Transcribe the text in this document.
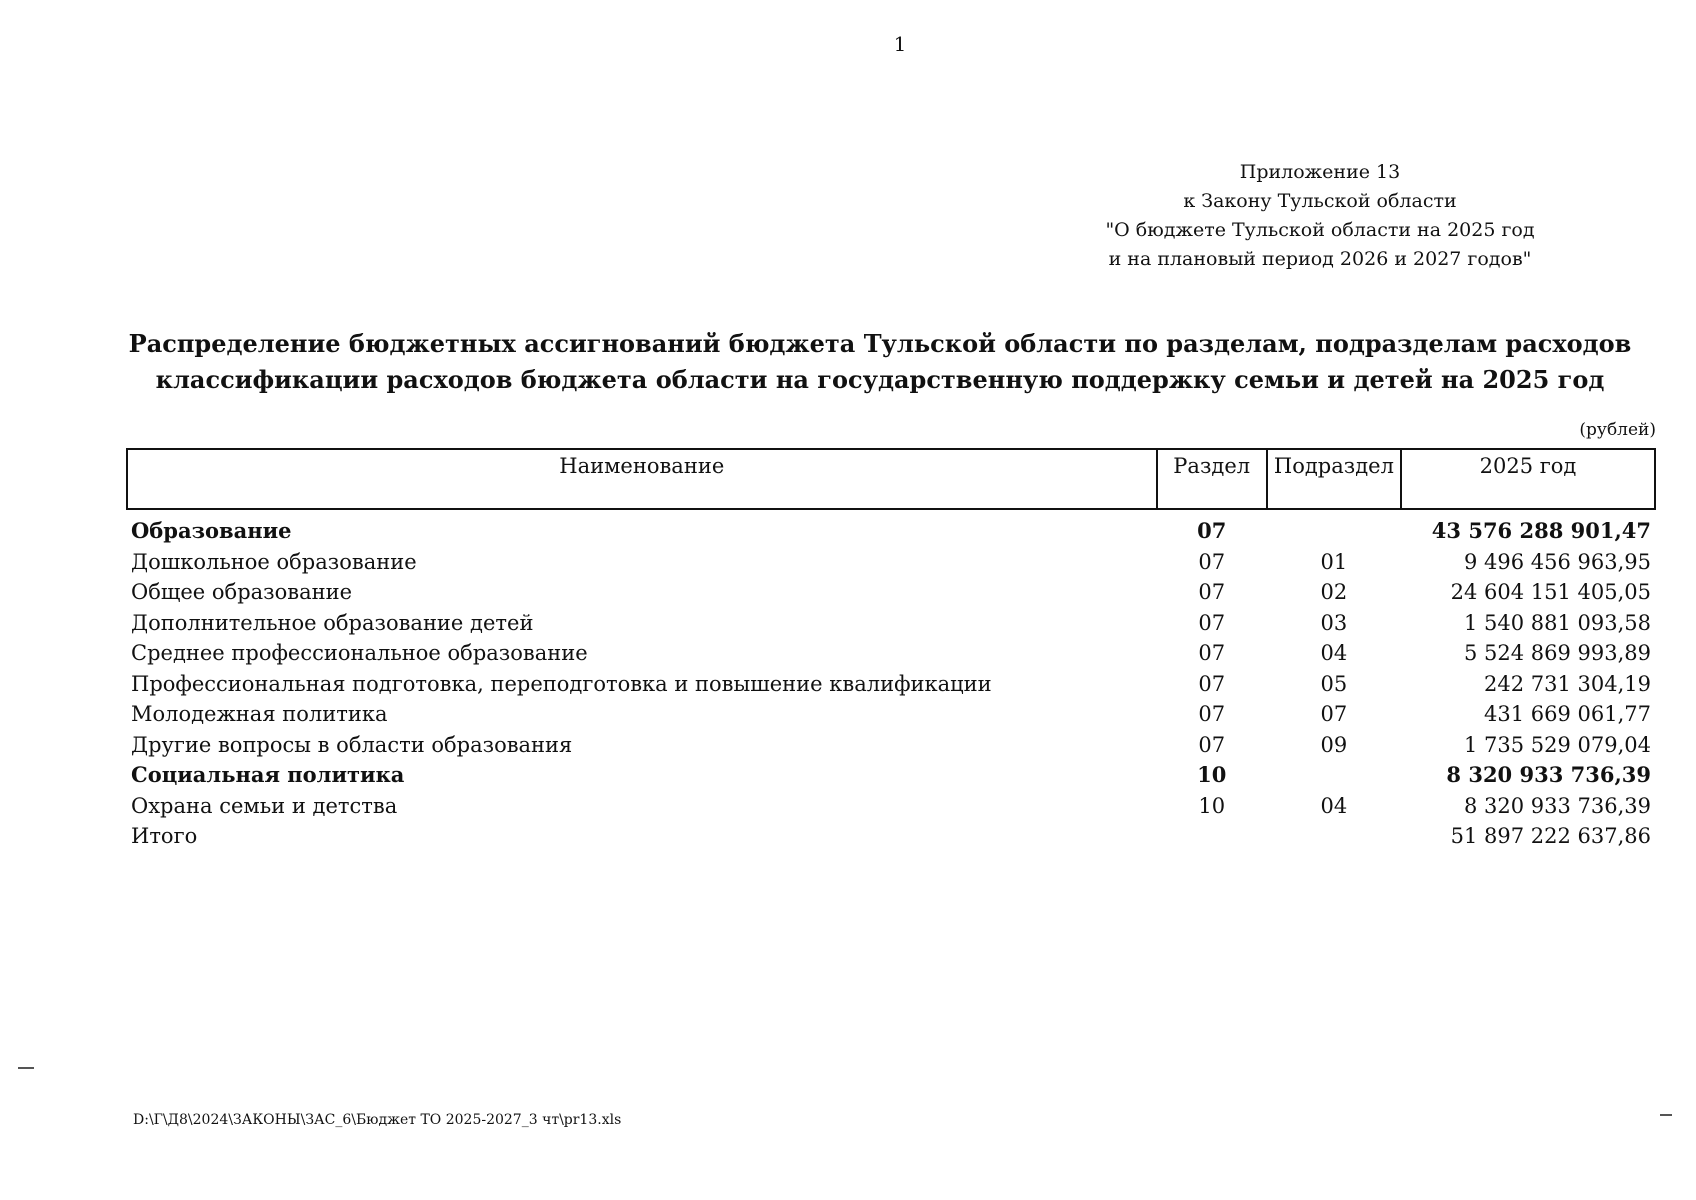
1
Приложение 13
к Закону Тульской области
"О бюджете Тульской области на 2025 год
и на плановый период 2026 и 2027 годов"
Распределение бюджетных ассигнований бюджета Тульской области по разделам, подразделам расходов
классификации расходов бюджета области на государственную поддержку семьи и детей на 2025 год
(рублей)
Наименование	Раздел	Подраздел	2025 год
Образование	07		43 576 288 901,47
Дошкольное образование	07	01	9 496 456 963,95
Общее образование	07	02	24 604 151 405,05
Дополнительное образование детей	07	03	1 540 881 093,58
Среднее профессиональное образование	07	04	5 524 869 993,89
Профессиональная подготовка, переподготовка и повышение квалификации	07	05	242 731 304,19
Молодежная политика	07	07	431 669 061,77
Другие вопросы в области образования	07	09	1 735 529 079,04
Социальная политика	10		8 320 933 736,39
Охрана семьи и детства	10	04	8 320 933 736,39
Итого			51 897 222 637,86
D:\Г\Д8\2024\ЗАКОНЫ\ЗАС_6\Бюджет ТО 2025-2027_3 чт\pr13.xls
